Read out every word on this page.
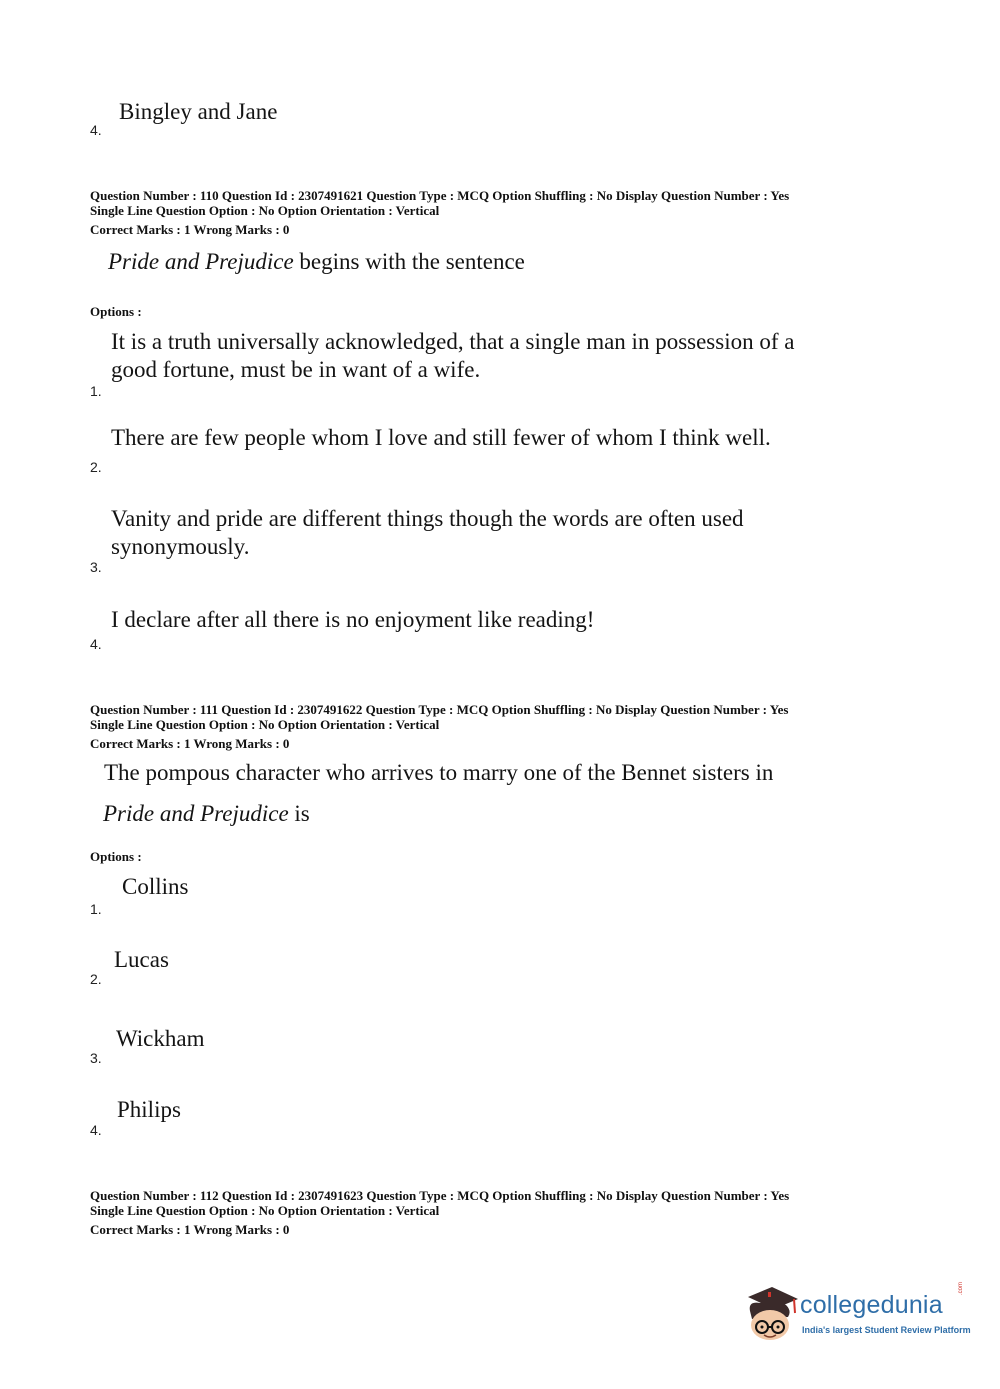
Bingley and Jane
4.
Question Number : 110 Question Id : 2307491621 Question Type : MCQ Option Shuffling : No Display Question Number : Yes
Single Line Question Option : No Option Orientation : Vertical
Correct Marks : 1 Wrong Marks : 0
Pride and Prejudice begins with the sentence
Options :
It is a truth universally acknowledged, that a single man in possession of a
good fortune, must be in want of a wife.
1.
There are few people whom I love and still fewer of whom I think well.
2.
Vanity and pride are different things though the words are often used
synonymously.
3.
I declare after all there is no enjoyment like reading!
4.
Question Number : 111 Question Id : 2307491622 Question Type : MCQ Option Shuffling : No Display Question Number : Yes
Single Line Question Option : No Option Orientation : Vertical
Correct Marks : 1 Wrong Marks : 0
The pompous character who arrives to marry one of the Bennet sisters in
Pride and Prejudice is
Options :
Collins
1.
Lucas
2.
Wickham
3.
Philips
4.
Question Number : 112 Question Id : 2307491623 Question Type : MCQ Option Shuffling : No Display Question Number : Yes
Single Line Question Option : No Option Orientation : Vertical
Correct Marks : 1 Wrong Marks : 0
collegedunia
.com
India's largest Student Review Platform
